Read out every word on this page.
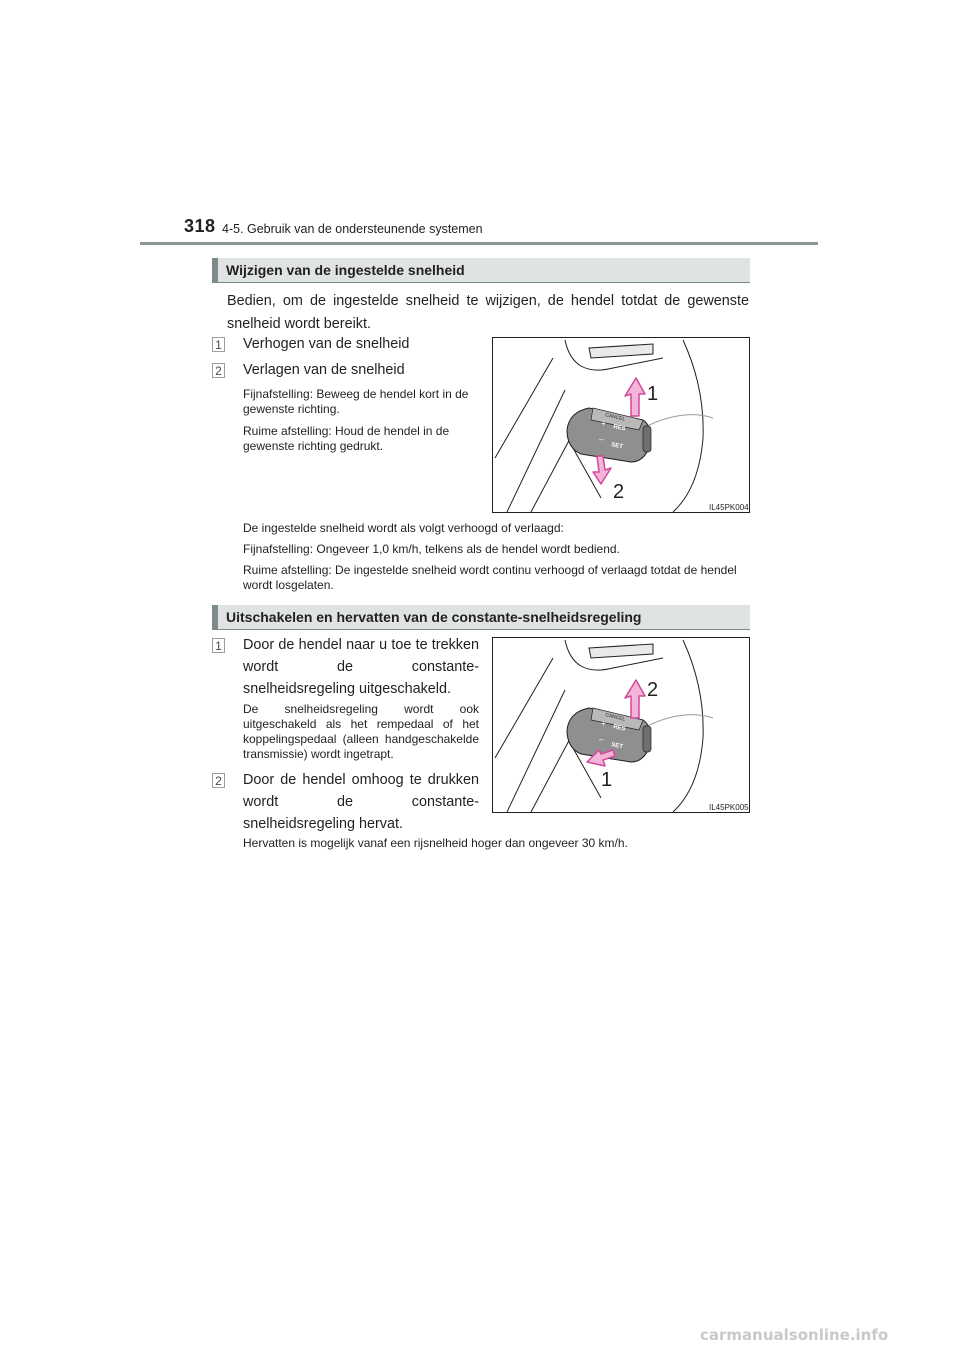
318 4-5. Gebruik van de ondersteunende systemen
Wijzigen van de ingestelde snelheid
Bedien, om de ingestelde snelheid te wijzigen, de hendel totdat de gewenste snelheid wordt bereikt.
1 Verhogen van de snelheid
2 Verlagen van de snelheid
Fijnafstelling: Beweeg de hendel kort in de gewenste richting.
Ruime afstelling: Houd de hendel in de gewenste richting gedrukt.
CANCEL
+
RES
–
SET
1
2
IL45PK004
De ingestelde snelheid wordt als volgt verhoogd of verlaagd:
Fijnafstelling: Ongeveer 1,0 km/h, telkens als de hendel wordt bediend.
Ruime afstelling: De ingestelde snelheid wordt continu verhoogd of verlaagd totdat de hendel wordt losgelaten.
Uitschakelen en hervatten van de constante-snelheidsregeling
1 Door de hendel naar u toe te trekken wordt de constante-snelheidsregeling uitgeschakeld.
De snelheidsregeling wordt ook uitgeschakeld als het rempedaal of het koppelingspedaal (alleen handgeschakelde transmissie) wordt ingetrapt.
2 Door de hendel omhoog te drukken wordt de constante-snelheidsregeling hervat.
CANCEL
+
RES
–
SET
2
1
IL45PK005
Hervatten is mogelijk vanaf een rijsnelheid hoger dan ongeveer 30 km/h.
carmanualsonline.info
